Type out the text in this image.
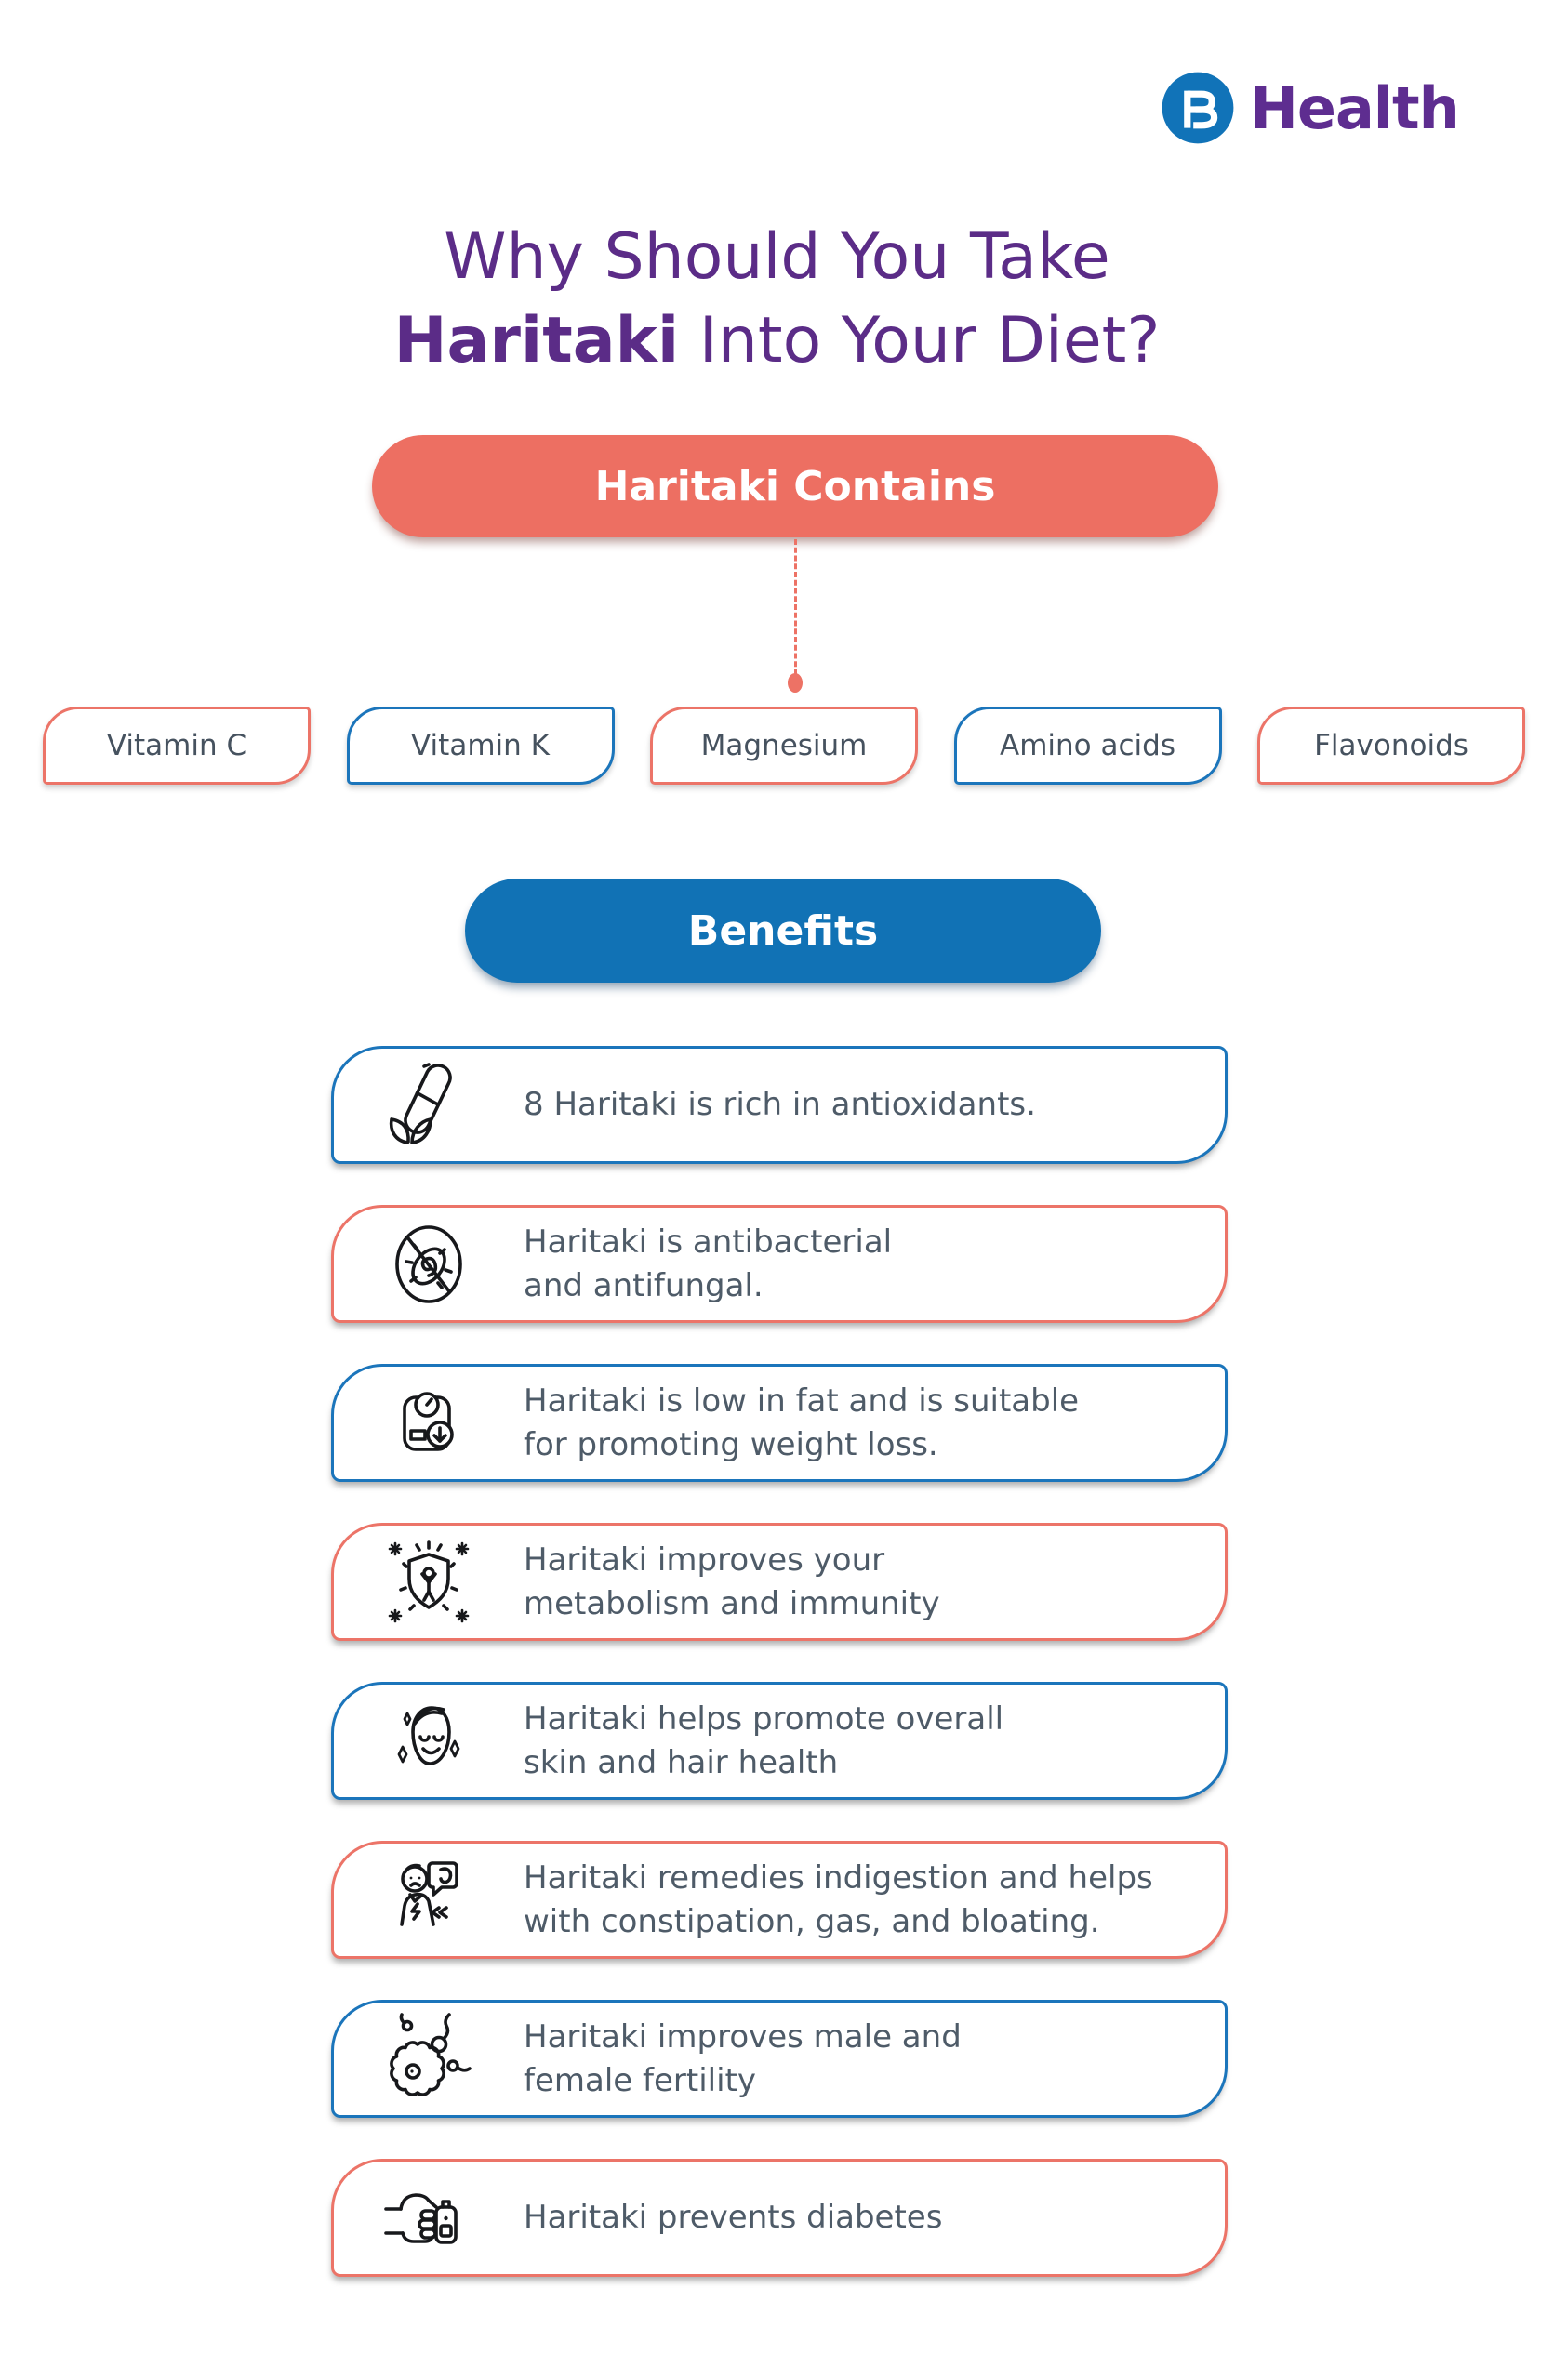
Health
Why Should You Take
Haritaki Into Your Diet?
Haritaki Contains
Vitamin C	Vitamin K	Magnesium	Amino acids	Flavonoids
Benefits

8 Haritaki is rich in antioxidants.

Haritaki is antibacterial
and antifungal.

Haritaki is low in fat and is suitable
for promoting weight loss.

Haritaki improves your
metabolism and immunity

Haritaki helps promote overall
skin and hair health

Haritaki remedies indigestion and helps
with constipation, gas, and bloating.

Haritaki improves male and
female fertility

Haritaki prevents diabetes
